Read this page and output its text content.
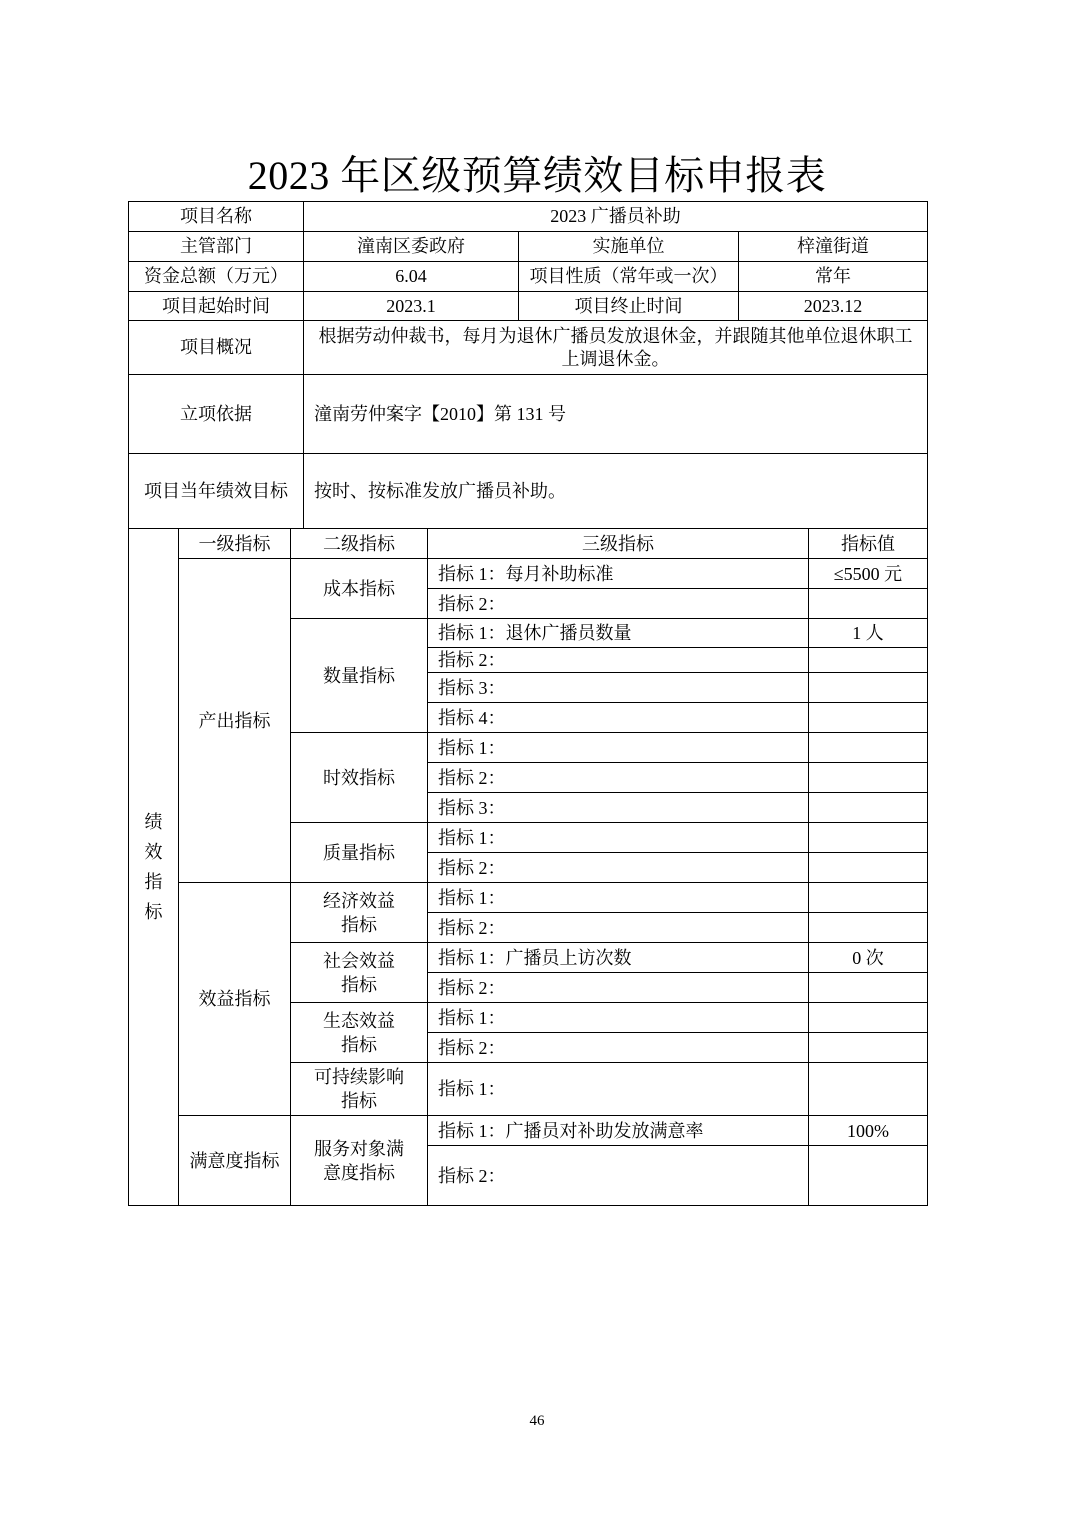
2023 年区级预算绩效目标申报表
项目名称	2023 广播员补助		
主管部门	潼南区委政府	实施单位	梓潼街道
资金总额（万元）	6.04	项目性质（常年或一次）	常年
项目起始时间	2023.1	项目终止时间	2023.12
项目概况	根据劳动仲裁书，每月为退休广播员发放退休金，并跟随其他单位退休职工上调退休金。		
立项依据	潼南劳仲案字【2010】第 131 号		
项目当年绩效目标	按时、按标准发放广播员补助。		
绩效指标	一级指标	二级指标	三级指标	指标值
	产出指标	成本指标	指标 1：每月补助标准	≤5500 元
			指标 2：	
		数量指标	指标 1：退休广播员数量	1 人
			指标 2：	
			指标 3：	
			指标 4：	
		时效指标	指标 1：	
			指标 2：	
			指标 3：	
		质量指标	指标 1：	
			指标 2：	
	效益指标	经济效益指标	指标 1：	
			指标 2：	

		社会效益指标	指标 1：广播员上访次数	0 次
			指标 2：	

		生态效益指标	指标 1：	
			指标 2：	

		可持续影响指标	指标 1：	
	满意度指标	服务对象满意度指标	指标 1：广播员对补助发放满意率	100%
			指标 2：	
46
